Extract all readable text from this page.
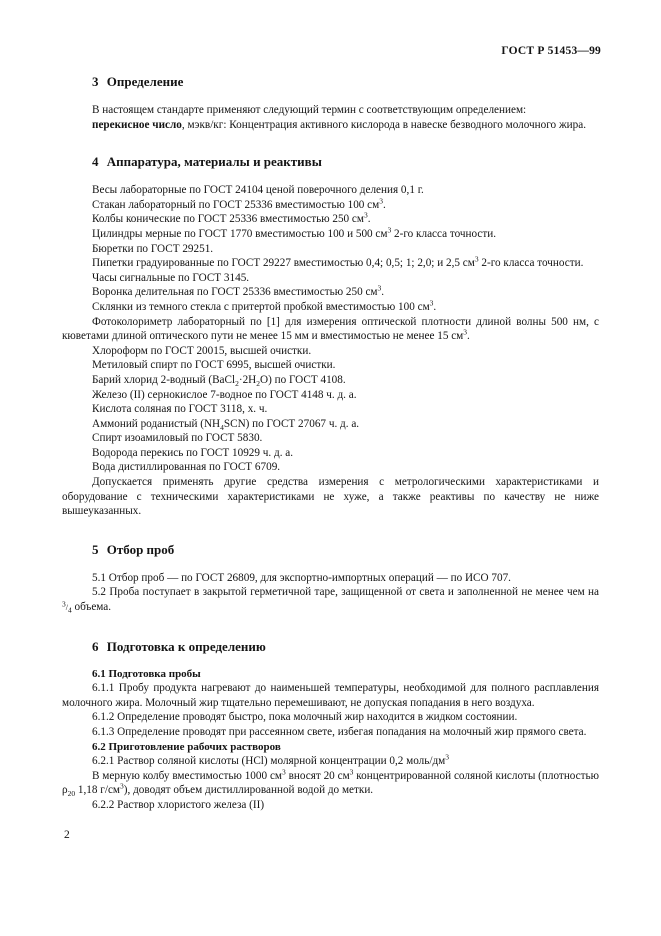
ГОСТ Р 51453—99
3 Определение

В настоящем стандарте применяют следующий термин с соответствующим определением:

перекисное число, мэкв/кг: Концентрация активного кислорода в навеске безводного молочного жира.

4 Аппаратура, материалы и реактивы
Весы лабораторные по ГОСТ 24104 ценой поверочного деления 0,1 г.
Стакан лабораторный по ГОСТ 25336 вместимостью 100 $см^3$.
Колбы конические по ГОСТ 25336 вместимостью 250 $см^3$.
Цилиндры мерные по ГОСТ 1770 вместимостью 100 и 500 $см^3$ 2-го класса точности.
Бюретки по ГОСТ 29251.

Пипетки градуированные по ГОСТ 29227 вместимостью 0,4; 0,5; 1; 2,0; и 2,5 $см^3$ 2-го класса точности.

Часы сигнальные по ГОСТ 3145.
Воронка делительная по ГОСТ 25336 вместимостью 250 $см^3$.
Склянки из темного стекла с притертой пробкой вместимостью 100 $см^3$.

Фотоколориметр лабораторный по [1] для измерения оптической плотности длиной волны 500 нм, с кюветами длиной оптического пути не менее 15 мм и вместимостью не менее 15 $см^3$.

Хлороформ по ГОСТ 20015, высшей очистки.
Метиловый спирт по ГОСТ 6995, высшей очистки.
Барий хлорид 2-водный $(BaCl_2\cdot 2H_2O)$ по ГОСТ 4108.
Железо (II) сернокислое 7-водное по ГОСТ 4148 ч. д. а.
Кислота соляная по ГОСТ 3118, х. ч.
Аммоний роданистый $(NH_4SCN)$ по ГОСТ 27067 ч. д. а.
Спирт изоамиловый по ГОСТ 5830.
Водорода перекись по ГОСТ 10929 ч. д. а.
Вода дистиллированная по ГОСТ 6709.

Допускается применять другие средства измерения с метрологическими характеристиками и оборудование с техническими характеристиками не хуже, а также реактивы по качеству не ниже вышеуказанных.

5 Отбор проб
5.1 Отбор проб — по ГОСТ 26809, для экспортно-импортных операций — по ИСО 707.

5.2 Проба поступает в закрытой герметичной таре, защищенной от света и заполненной не менее чем на $^3/_4$ объема.

6 Подготовка к определению
6.1 Подготовка пробы

6.1.1 Пробу продукта нагревают до наименьшей температуры, необходимой для полного расплавления молочного жира. Молочный жир тщательно перемешивают, не допуская попадания в него воздуха.

6.1.2 Определение проводят быстро, пока молочный жир находится в жидком состоянии.

6.1.3 Определение проводят при рассеянном свете, избегая попадания на молочный жир прямого света.

6.2 Приготовление рабочих растворов
6.2.1 Раствор соляной кислоты (HCl) молярной концентрации 0,2 моль/$дм^3$

В мерную колбу вместимостью 1000 $см^3$ вносят 20 $см^3$ концентрированной соляной кислоты (плотностью $\rho_{20}$ 1,18 $г/см^3$), доводят объем дистиллированной водой до метки.

6.2.2 Раствор хлористого железа (II)
2
